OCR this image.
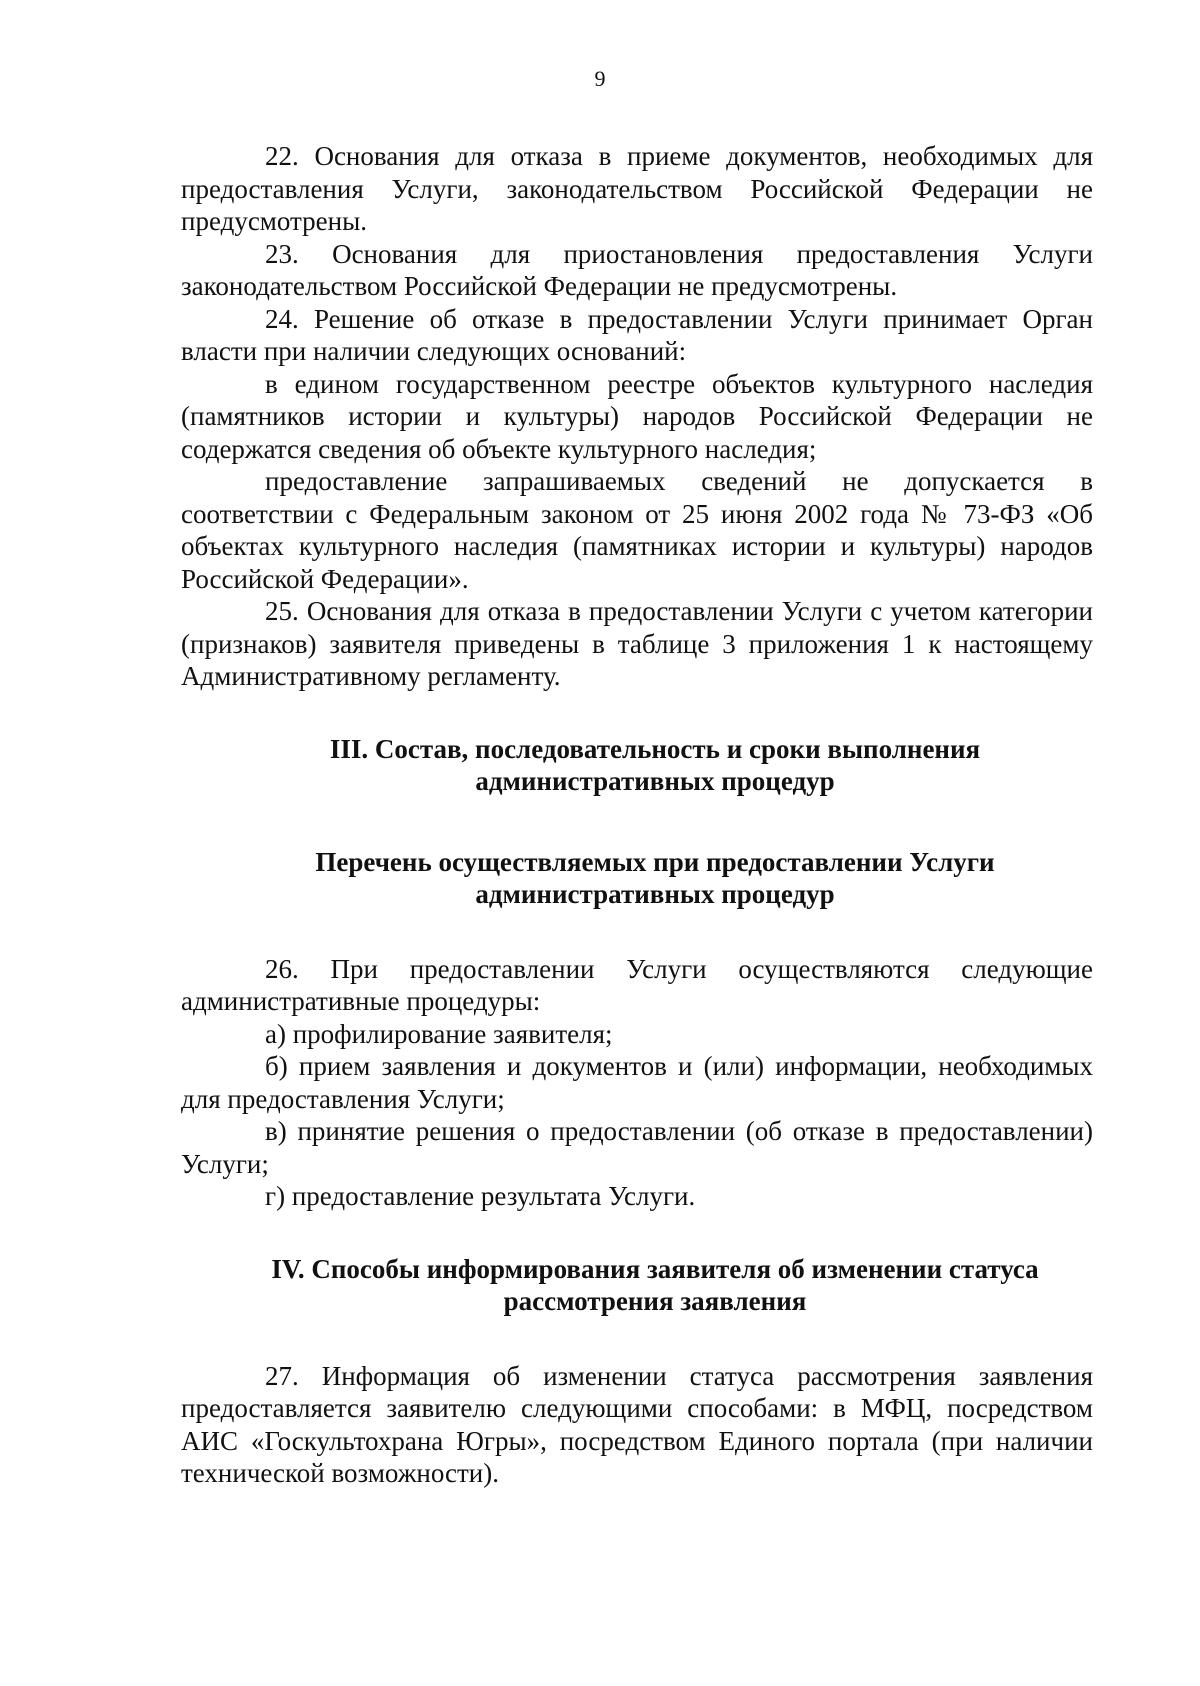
9

22. Основания для отказа в приеме документов, необходимых для предоставления Услуги, законодательством Российской Федерации не предусмотрены.

23. Основания для приостановления предоставления Услуги законодательством Российской Федерации не предусмотрены.

24. Решение об отказе в предоставлении Услуги принимает Орган власти при наличии следующих оснований:

в едином государственном реестре объектов культурного наследия (памятников истории и культуры) народов Российской Федерации не содержатся сведения об объекте культурного наследия;

предоставление запрашиваемых сведений не допускается в соответствии с Федеральным законом от 25 июня 2002 года № 73-ФЗ «Об объектах культурного наследия (памятниках истории и культуры) народов Российской Федерации».

25. Основания для отказа в предоставлении Услуги с учетом категории (признаков) заявителя приведены в таблице 3 приложения 1 к настоящему Административному регламенту.

III. Состав, последовательность и сроки выполнения
административных процедур
Перечень осуществляемых при предоставлении Услуги
административных процедур

26. При предоставлении Услуги осуществляются следующие административные процедуры:

а) профилирование заявителя;

б) прием заявления и документов и (или) информации, необходимых для предоставления Услуги;

в) принятие решения о предоставлении (об отказе в предоставлении) Услуги;

г) предоставление результата Услуги.

IV. Способы информирования заявителя об изменении статуса
рассмотрения заявления

27. Информация об изменении статуса рассмотрения заявления предоставляется заявителю следующими способами: в МФЦ, посредством АИС «Госкультохрана Югры», посредством Единого портала (при наличии технической возможности).
